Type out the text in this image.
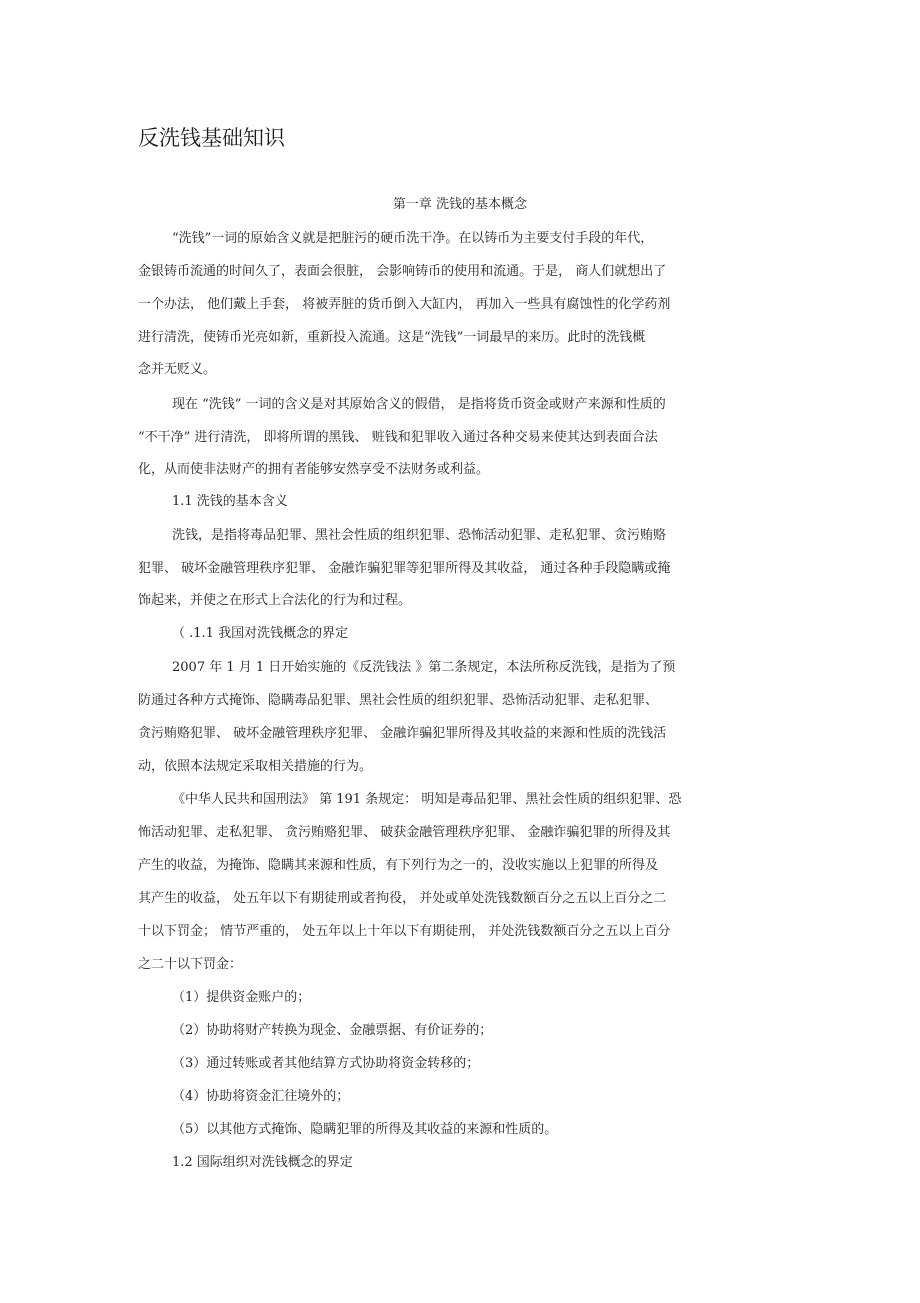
反洗钱基础知识
第一章 洗钱的基本概念
“洗钱”一词的原始含义就是把脏污的硬币洗干净。在以铸币为主要支付手段的年代，
金银铸币流通的时间久了，表面会很脏， 会影响铸币的使用和流通。于是， 商人们就想出了
一个办法， 他们戴上手套， 将被弄脏的货币倒入大缸内， 再加入一些具有腐蚀性的化学药剂
进行清洗，使铸币光亮如新，重新投入流通。这是“洗钱”一词最早的来历。此时的洗钱概
念并无贬义。
现在 “洗钱” 一词的含义是对其原始含义的假借， 是指将货币资金或财产来源和性质的
“不干净” 进行清洗， 即将所谓的黑钱、 赃钱和犯罪收入通过各种交易来使其达到表面合法
化，从而使非法财产的拥有者能够安然享受不法财务或利益。
1.1 洗钱的基本含义
洗钱，是指将毒品犯罪、黑社会性质的组织犯罪、恐怖活动犯罪、走私犯罪、贪污贿赂
犯罪、 破坏金融管理秩序犯罪、 金融诈骗犯罪等犯罪所得及其收益， 通过各种手段隐瞒或掩
饰起来，并使之在形式上合法化的行为和过程。
（ .1.1 我国对洗钱概念的界定
2007 年 1 月 1 日开始实施的《反洗钱法 》第二条规定，本法所称反洗钱，是指为了预
防通过各种方式掩饰、隐瞒毒品犯罪、黑社会性质的组织犯罪、恐怖活动犯罪、走私犯罪、
贪污贿赂犯罪、 破坏金融管理秩序犯罪、 金融诈骗犯罪所得及其收益的来源和性质的洗钱活
动，依照本法规定采取相关措施的行为。
《中华人民共和国刑法》 第 191 条规定： 明知是毒品犯罪、黑社会性质的组织犯罪、恐
怖活动犯罪、走私犯罪、 贪污贿赂犯罪、 破获金融管理秩序犯罪、 金融诈骗犯罪的所得及其
产生的收益，为掩饰、隐瞒其来源和性质，有下列行为之一的，没收实施以上犯罪的所得及
其产生的收益， 处五年以下有期徒刑或者拘役， 并处或单处洗钱数额百分之五以上百分之二
十以下罚金； 情节严重的， 处五年以上十年以下有期徒刑， 并处洗钱数额百分之五以上百分
之二十以下罚金：
（1）提供资金账户的；
（2）协助将财产转换为现金、金融票据、有价证券的；
（3）通过转账或者其他结算方式协助将资金转移的；
（4）协助将资金汇往境外的；
（5）以其他方式掩饰、隐瞒犯罪的所得及其收益的来源和性质的。
1.2 国际组织对洗钱概念的界定
